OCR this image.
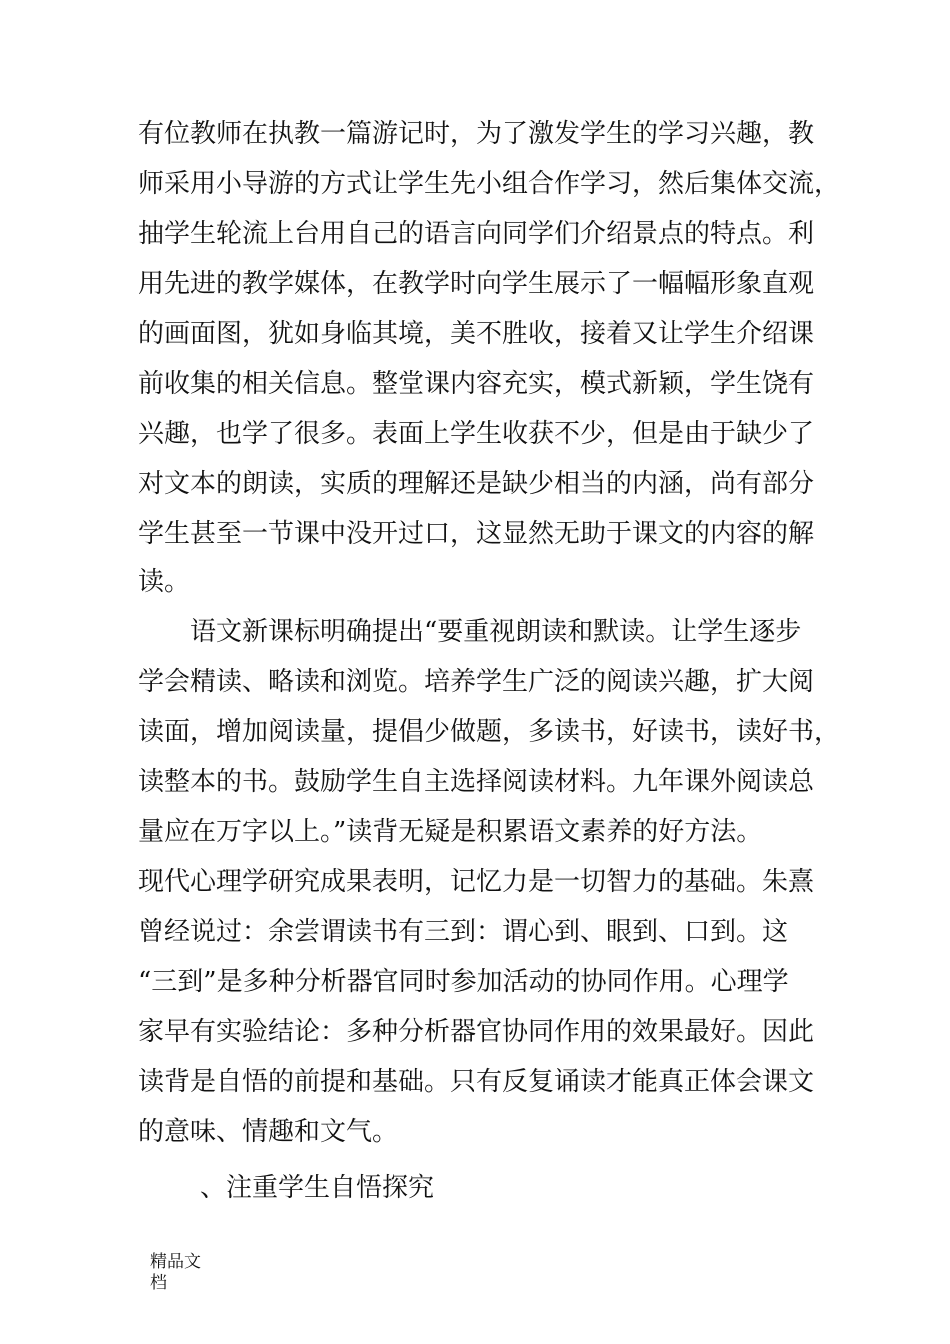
有位教师在执教一篇游记时，为了激发学生的学习兴趣，教
师采用小导游的方式让学生先小组合作学习，然后集体交流，
抽学生轮流上台用自己的语言向同学们介绍景点的特点。利
用先进的教学媒体，在教学时向学生展示了一幅幅形象直观
的画面图，犹如身临其境，美不胜收，接着又让学生介绍课
前收集的相关信息。整堂课内容充实，模式新颖，学生饶有
兴趣，也学了很多。表面上学生收获不少，但是由于缺少了
对文本的朗读，实质的理解还是缺少相当的内涵，尚有部分
学生甚至一节课中没开过口，这显然无助于课文的内容的解
读。
语文新课标明确提出“要重视朗读和默读。让学生逐步
学会精读、略读和浏览。培养学生广泛的阅读兴趣，扩大阅
读面，增加阅读量，提倡少做题，多读书，好读书，读好书，
读整本的书。鼓励学生自主选择阅读材料。九年课外阅读总
量应在万字以上。”读背无疑是积累语文素养的好方法。
现代心理学研究成果表明，记忆力是一切智力的基础。朱熹
曾经说过：余尝谓读书有三到：谓心到、眼到、口到。这
“三到”是多种分析器官同时参加活动的协同作用。心理学
家早有实验结论：多种分析器官协同作用的效果最好。因此
读背是自悟的前提和基础。只有反复诵读才能真正体会课文
的意味、情趣和文气。
、注重学生自悟探究
精品文
档
